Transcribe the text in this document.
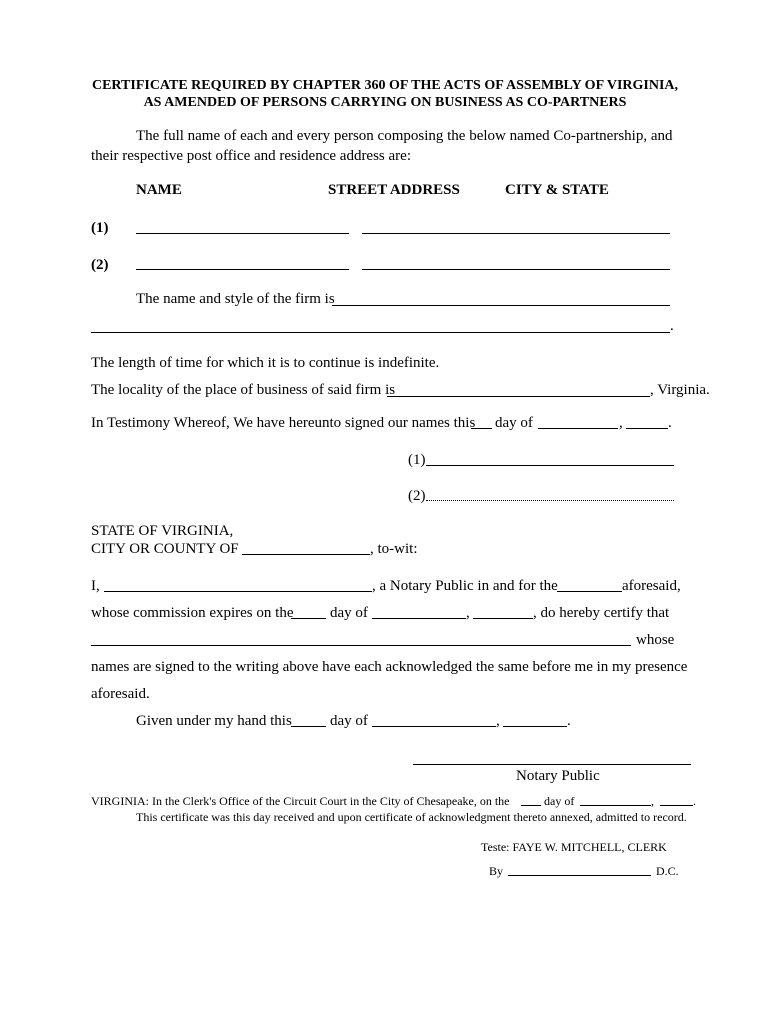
CERTIFICATE REQUIRED BY CHAPTER 360 OF THE ACTS OF ASSEMBLY OF VIRGINIA,
AS AMENDED OF PERSONS CARRYING ON BUSINESS AS CO-PARTNERS
The full name of each and every person composing the below named Co-partnership, and
their respective post office and residence address are:
NAME	STREET ADDRESS	CITY & STATE
(1)
(2)
The name and style of the firm is
.
The length of time for which it is to continue is indefinite.
The locality of the place of business of said firm is	, Virginia.
In Testimony Whereof, We have hereunto signed our names this day of	,	.
(1)
(2)
STATE OF VIRGINIA,
CITY OR COUNTY OF	, to-wit:
I,	, a Notary Public in and for the	aforesaid,
whose commission expires on the day of	,	, do hereby certify that
whose
names are signed to the writing above have each acknowledged the same before me in my presence
aforesaid.
Given under my hand this	day of	,	.
Notary Public
VIRGINIA: In the Clerk's Office of the Circuit Court in the City of Chesapeake, on the	day of	,	.
This certificate was this day received and upon certificate of acknowledgment thereto annexed, admitted to record.
Teste: FAYE W. MITCHELL, CLERK
By	D.C.
